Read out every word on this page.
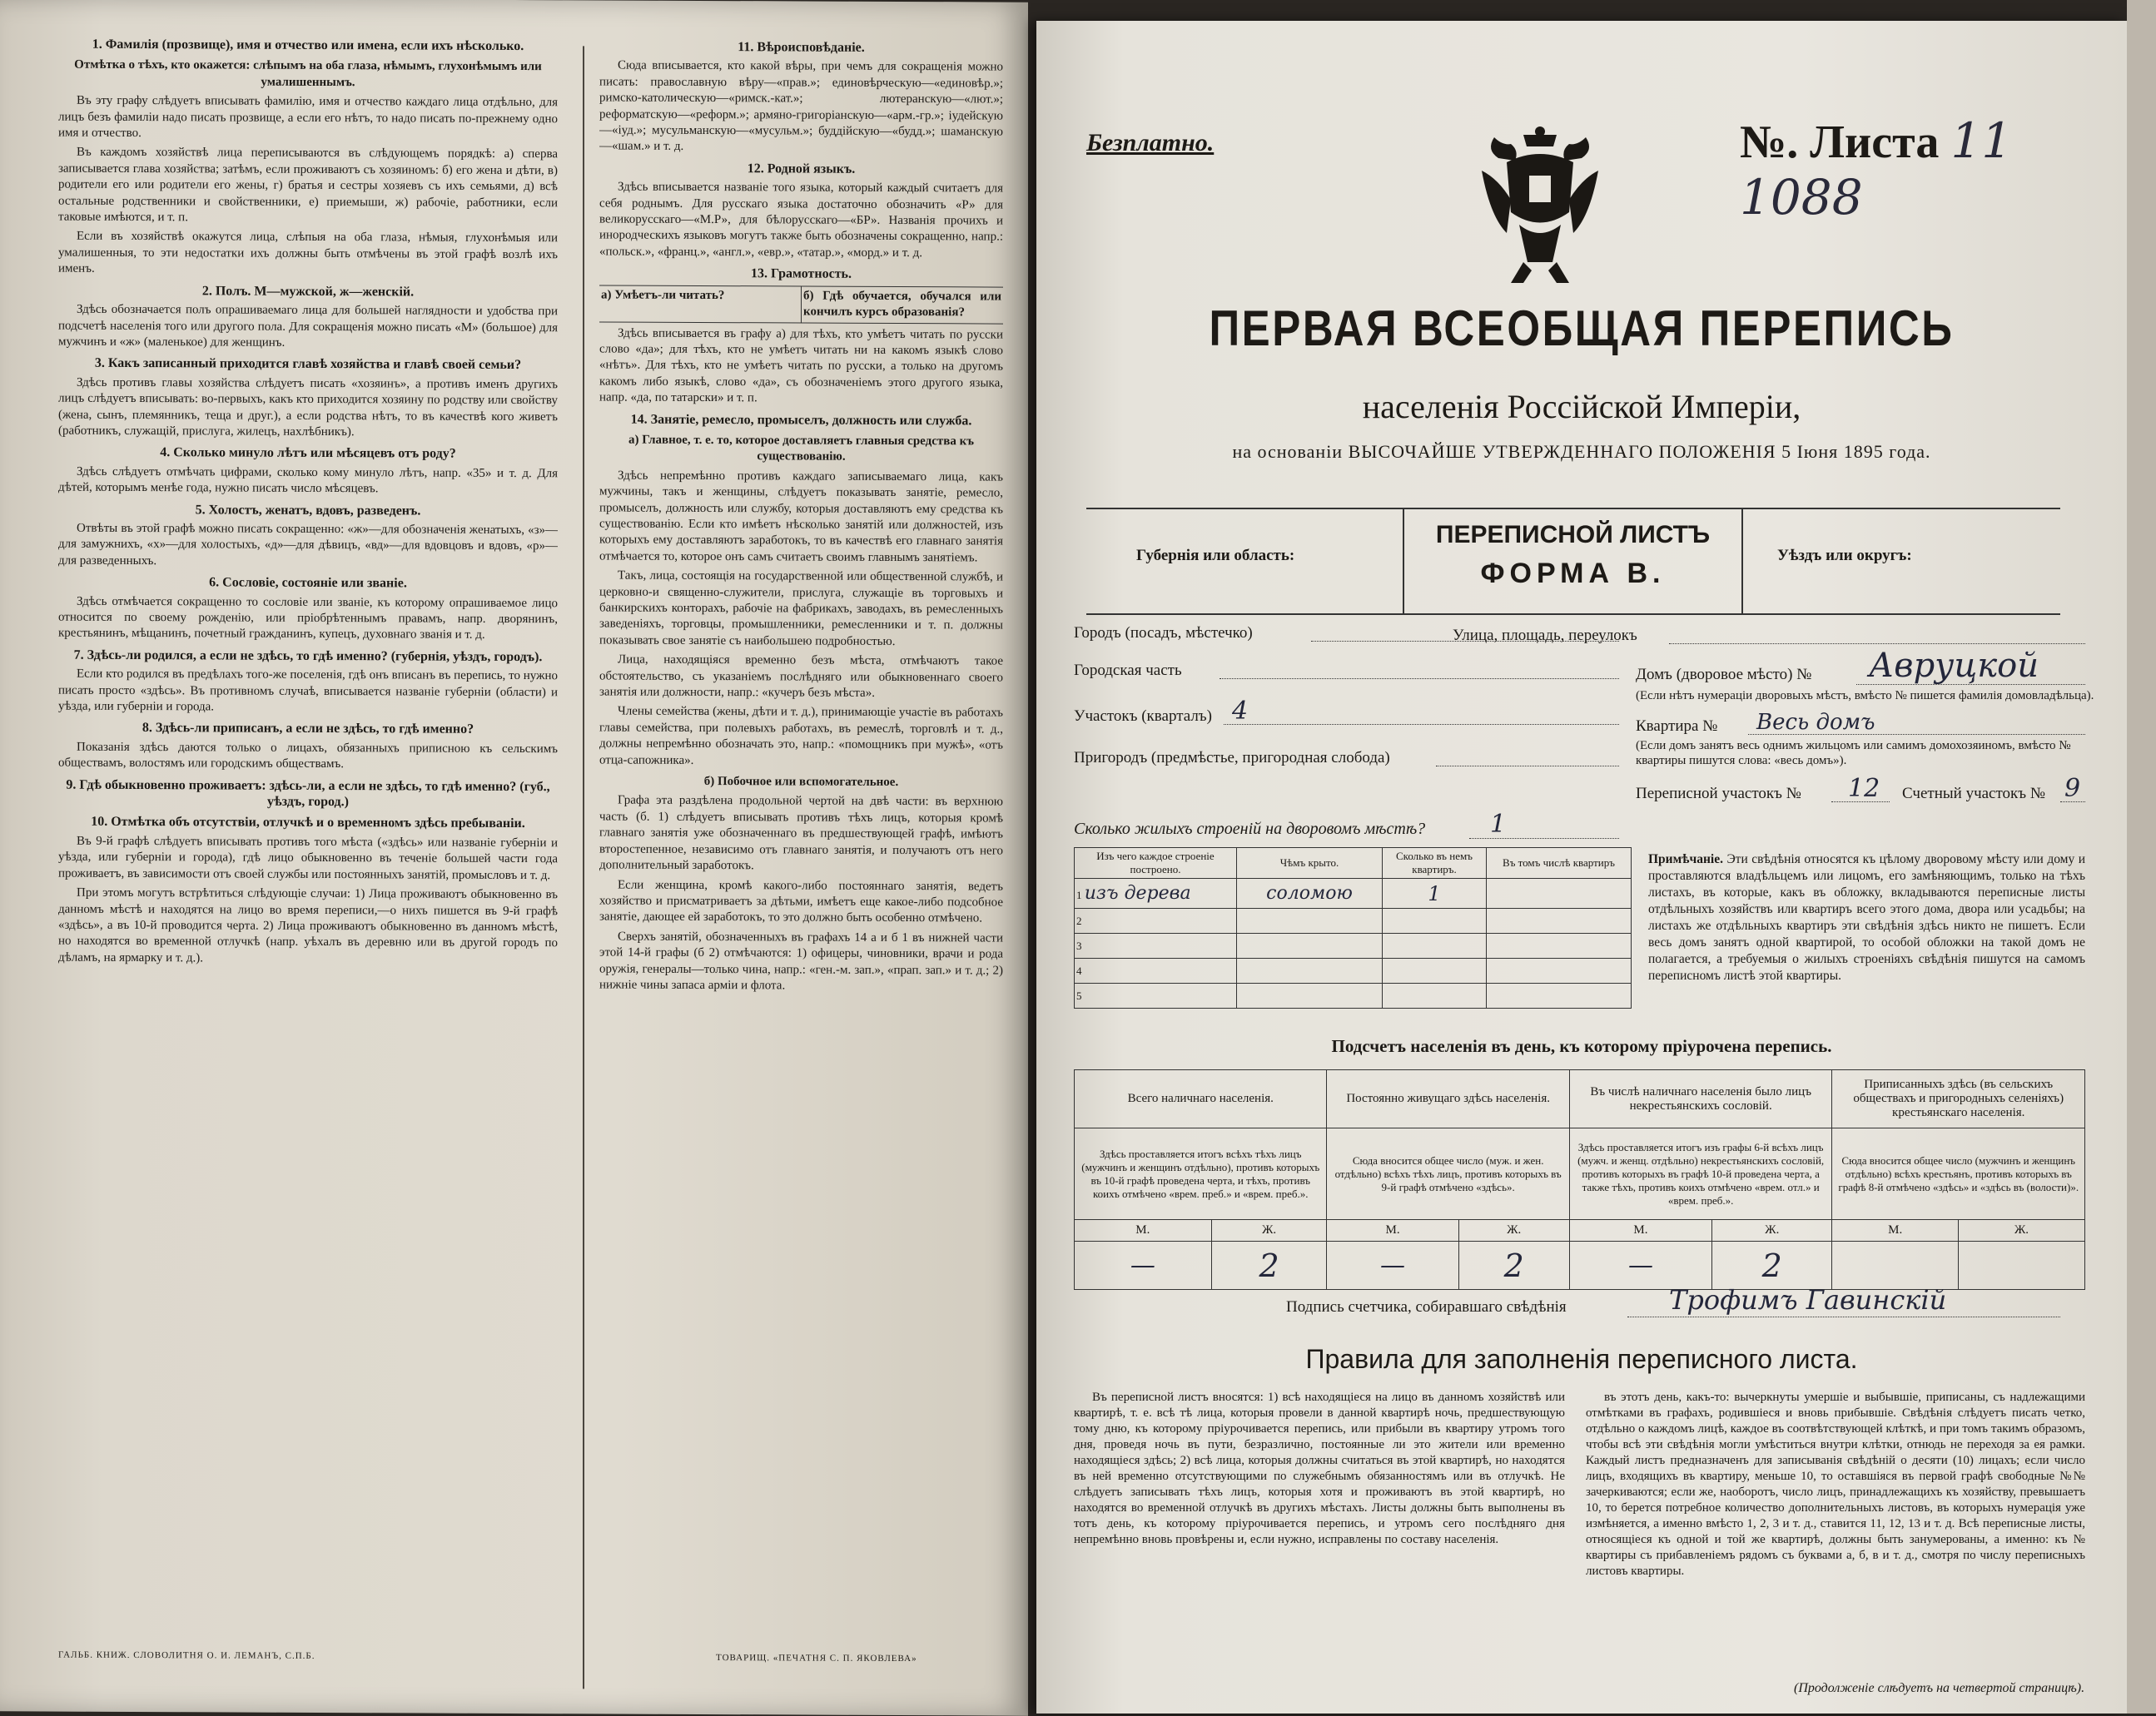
1. Фамилія (прозвище), имя и отчество или имена, если ихъ нѣсколько.
Отмѣтка о тѣхъ, кто окажется: слѣпымъ на оба глаза, нѣмымъ, глухонѣмымъ или умалишеннымъ.

Въ эту графу слѣдуетъ вписывать фамилію, имя и отчество каждаго лица отдѣльно, для лицъ безъ фамиліи надо писать прозвище, а если его нѣтъ, то надо писать по-прежнему одно имя и отчество.

Въ каждомъ хозяйствѣ лица переписываются въ слѣдующемъ порядкѣ: а) сперва записывается глава хозяйства; затѣмъ, если проживаютъ съ хозяиномъ: б) его жена и дѣти, в) родители его или родители его жены, г) братья и сестры хозяевъ съ ихъ семьями, д) всѣ остальные родственники и свойственники, е) приемыши, ж) рабочіе, работники, если таковые имѣются, и т. п.

Если въ хозяйствѣ окажутся лица, слѣпыя на оба глаза, нѣмыя, глухонѣмыя или умалишенныя, то эти недостатки ихъ должны быть отмѣчены въ этой графѣ возлѣ ихъ именъ.

2. Полъ. М—мужской, ж—женскій.

Здѣсь обозначается полъ опрашиваемаго лица для большей наглядности и удобства при подсчетѣ населенія того или другого пола. Для сокращенія можно писать «М» (большое) для мужчинъ и «ж» (маленькое) для женщинъ.

3. Какъ записанный приходится главѣ хозяйства и главѣ своей семьи?

Здѣсь противъ главы хозяйства слѣдуетъ писать «хозяинъ», а противъ именъ другихъ лицъ слѣдуетъ вписывать: во-первыхъ, какъ кто приходится хозяину по родству или свойству (жена, сынъ, племянникъ, теща и друг.), а если родства нѣтъ, то въ качествѣ кого живетъ (работникъ, служащій, прислуга, жилецъ, нахлѣбникъ).

4. Сколько минуло лѣтъ или мѣсяцевъ отъ роду?

Здѣсь слѣдуетъ отмѣчать цифрами, сколько кому минуло лѣтъ, напр. «35» и т. д. Для дѣтей, которымъ менѣе года, нужно писать число мѣсяцевъ.

5. Холостъ, женатъ, вдовъ, разведенъ.

Отвѣты въ этой графѣ можно писать сокращенно: «ж»—для обозначенія женатыхъ, «з»—для замужнихъ, «х»—для холостыхъ, «д»—для дѣвицъ, «вд»—для вдовцовъ и вдовъ, «р»—для разведенныхъ.

6. Сословіе, состояніе или званіе.

Здѣсь отмѣчается сокращенно то сословіе или званіе, къ которому опрашиваемое лицо относится по своему рожденію, или пріобрѣтеннымъ правамъ, напр. дворянинъ, крестьянинъ, мѣщанинъ, почетный гражданинъ, купецъ, духовнаго званія и т. д.

7. Здѣсь-ли родился, а если не здѣсь, то гдѣ именно? (губернія, уѣздъ, городъ).

Если кто родился въ предѣлахъ того-же поселенія, гдѣ онъ вписанъ въ перепись, то нужно писать просто «здѣсь». Въ противномъ случаѣ, вписывается названіе губерніи (области) и уѣзда, или губерніи и города.

8. Здѣсь-ли приписанъ, а если не здѣсь, то гдѣ именно?

Показанія здѣсь даются только о лицахъ, обязанныхъ приписною къ сельскимъ обществамъ, волостямъ или городскимъ обществамъ.

9. Гдѣ обыкновенно проживаетъ: здѣсь-ли, а если не здѣсь, то гдѣ именно? (губ., уѣздъ, город.)
10. Отмѣтка объ отсутствіи, отлучкѣ и о временномъ здѣсь пребываніи.

Въ 9-й графѣ слѣдуетъ вписывать противъ того мѣста («здѣсь» или названіе губерніи и уѣзда, или губерніи и города), гдѣ лицо обыкновенно въ теченіе большей части года проживаетъ, въ зависимости отъ своей службы или постоянныхъ занятій, промысловъ и т. д.

При этомъ могутъ встрѣтиться слѣдующіе случаи: 1) Лица проживаютъ обыкновенно въ данномъ мѣстѣ и находятся на лицо во время переписи,—о нихъ пишется въ 9-й графѣ «здѣсь», а въ 10-й проводится черта. 2) Лица проживаютъ обыкновенно въ данномъ мѣстѣ, но находятся во временной отлучкѣ (напр. уѣхалъ въ деревню или въ другой городъ по дѣламъ, на ярмарку и т. д.).

11. Вѣроисповѣданіе.

Сюда вписывается, кто какой вѣры, при чемъ для сокращенія можно писать: православную вѣру—«прав.»; единовѣрческую—«единовѣр.»; римско-католическую—«римск.-кат.»; лютеранскую—«лют.»; реформатскую—«реформ.»; армяно-григоріанскую—«арм.-гр.»; іудейскую—«іуд.»; мусульманскую—«мусульм.»; буддійскую—«будд.»; шаманскую—«шам.» и т. д.

12. Родной языкъ.

Здѣсь вписывается названіе того языка, который каждый считаетъ для себя роднымъ. Для русскаго языка достаточно обозначить «Р» для великорусскаго—«М.Р», для бѣлорусскаго—«БР». Названія прочихъ и инородческихъ языковъ могутъ также быть обозначены сокращенно, напр.: «польск.», «франц.», «англ.», «евр.», «татар.», «морд.» и т. д.

13. Грамотность.
а) Умѣетъ-ли читать?	б) Гдѣ обучается, обучался или кончилъ курсъ образованія?

Здѣсь вписывается въ графу а) для тѣхъ, кто умѣетъ читать по русски слово «да»; для тѣхъ, кто не умѣетъ читать ни на какомъ языкѣ слово «нѣтъ». Для тѣхъ, кто не умѣетъ читать по русски, а только на другомъ какомъ либо языкѣ, слово «да», съ обозначеніемъ этого другого языка, напр. «да, по татарски» и т. п.

14. Занятіе, ремесло, промыселъ, должность или служба.
а) Главное, т. е. то, которое доставляетъ главныя средства къ существованію.

Здѣсь непремѣнно противъ каждаго записываемаго лица, какъ мужчины, такъ и женщины, слѣдуетъ показывать занятіе, ремесло, промыселъ, должность или службу, которыя доставляютъ ему средства къ существованію. Если кто имѣетъ нѣсколько занятій или должностей, изъ которыхъ ему доставляютъ заработокъ, то въ качествѣ его главнаго занятія отмѣчается то, которое онъ самъ считаетъ своимъ главнымъ занятіемъ.

Такъ, лица, состоящія на государственной или общественной службѣ, и церковно-и священно-служители, прислуга, служащіе въ торговыхъ и банкирскихъ конторахъ, рабочіе на фабрикахъ, заводахъ, въ ремесленныхъ заведеніяхъ, торговцы, промышленники, ремесленники и т. п. должны показывать свое занятіе съ наибольшею подробностью.

Лица, находящіяся временно безъ мѣста, отмѣчаютъ такое обстоятельство, съ указаніемъ послѣдняго или обыкновеннаго своего занятія или должности, напр.: «кучеръ безъ мѣста».

Члены семейства (жены, дѣти и т. д.), принимающіе участіе въ работахъ главы семейства, при полевыхъ работахъ, въ ремеслѣ, торговлѣ и т. д., должны непремѣнно обозначать это, напр.: «помощникъ при мужѣ», «отъ отца-сапожника».

б) Побочное или вспомогательное.

Графа эта раздѣлена продольной чертой на двѣ части: въ верхнюю часть (б. 1) слѣдуетъ вписывать противъ тѣхъ лицъ, которыя кромѣ главнаго занятія уже обозначеннаго въ предшествующей графѣ, имѣютъ второстепенное, независимо отъ главнаго занятія, и получаютъ отъ него дополнительный заработокъ.

Если женщина, кромѣ какого-либо постояннаго занятія, ведетъ хозяйство и присматриваетъ за дѣтьми, имѣетъ еще какое-либо подсобное занятіе, дающее ей заработокъ, то это должно быть особенно отмѣчено.

Сверхъ занятій, обозначенныхъ въ графахъ 14 а и б 1 въ нижней части этой 14-й графы (б 2) отмѣчаются: 1) офицеры, чиновники, врачи и рода оружія, генералы—только чина, напр.: «ген.-м. зап.», «прап. зап.» и т. д.; 2) нижніе чины запаса арміи и флота.

ГАЛЬБ. КНИЖ. СЛОВОЛИТНЯ О. И. ЛЕМАНЪ, С.П.Б.	ТОВАРИЩ. «ПЕЧАТНЯ С. П. ЯКОВЛЕВА»
Безплатно.	№. Листа 11 1088
ПЕРВАЯ ВСЕОБЩАЯ ПЕРЕПИСЬ
населенія Россійской Имперіи,
на основаніи ВЫСОЧАЙШЕ УТВЕРЖДЕННАГО ПОЛОЖЕНІЯ 5 Іюня 1895 года.
Губернія или область:
ПЕРЕПИСНОЙ ЛИСТЪ
ФОРМА В.
Уѣздъ или округъ:
Городъ (посадъ, мѣстечко)
Городская часть
Участокъ (кварталъ) 4
Пригородъ (предмѣстье, пригородная слобода)
Улица, площадь, переулокъ
Домъ (дворовое мѣсто) № Авруцкой
(Если нѣтъ нумераціи дворовыхъ мѣстъ, вмѣсто № пишется фамилія домовладѣльца).
Квартира № Весь домъ
(Если домъ занятъ весь однимъ жильцомъ или самимъ домохозяиномъ, вмѣсто № квартиры пишутся слова: «весь домъ»).
Переписной участокъ № 12 Счетный участокъ № 9
Сколько жилыхъ строеній на дворовомъ мѣстѣ?	1
Изъ чего каждое строеніе построено.	Чѣмъ крыто.	Сколько въ немъ квартиръ.	Въ томъ числѣ квартиръ
1 изъ дерева	соломою	1	
2			
3			
4			
5			
Примѣчаніе. Эти свѣдѣнія относятся къ цѣлому дворовому мѣсту или дому и проставляются владѣльцемъ или лицомъ, его замѣняющимъ, только на тѣхъ листахъ, въ которые, какъ въ обложку, вкладываются переписные листы отдѣльныхъ хозяйствъ или квартиръ всего этого дома, двора или усадьбы; на листахъ же отдѣльныхъ квартиръ эти свѣдѣнія здѣсь никто не пишетъ. Если весь домъ занятъ одной квартирой, то особой обложки на такой домъ не полагается, а требуемыя о жилыхъ строеніяхъ свѣдѣнія пишутся на самомъ переписномъ листѣ этой квартиры.
Подсчетъ населенія въ день, къ которому пріурочена перепись.
Всего наличнаго населенія.		Постоянно живущаго здѣсь населенія.		Въ числѣ наличнаго населенія было лицъ некрестьянскихъ сословій.		Приписанныхъ здѣсь (въ сельскихъ обществахъ и пригородныхъ селеніяхъ) крестьянскаго населенія.	
Здѣсь проставляется итогъ всѣхъ тѣхъ лицъ (мужчинъ и женщинъ отдѣльно), противъ которыхъ въ 10-й графѣ проведена черта, и тѣхъ, противъ коихъ отмѣчено «врем. преб.» и «врем. преб.».		Сюда вносится общее число (муж. и жен. отдѣльно) всѣхъ тѣхъ лицъ, противъ которыхъ въ 9-й графѣ отмѣчено «здѣсь».		Здѣсь проставляется итогъ изъ графы 6-й всѣхъ лицъ (мужч. и женщ. отдѣльно) некрестьянскихъ сословій, противъ которыхъ въ графѣ 10-й проведена черта, а также тѣхъ, противъ коихъ отмѣчено «врем. отл.» и «врем. преб.».		Сюда вносится общее число (мужчинъ и женщинъ отдѣльно) всѣхъ крестьянъ, противъ которыхъ въ графѣ 8-й отмѣчено «здѣсь» и «здѣсь въ (волости)».	
М.	Ж.	М.	Ж.	М.	Ж.	М.	Ж.
—	2	—	2	—	2		
Подпись счетчика, собиравшаго свѣдѣнія	Трофимъ Гавинскій
Правила для заполненія переписного листа.

Въ переписной листъ вносятся: 1) всѣ находящіеся на лицо въ данномъ хозяйствѣ или квартирѣ, т. е. всѣ тѣ лица, которыя провели в данной квартирѣ ночь, предшествующую тому дню, къ которому пріурочивается перепись, или прибыли въ квартиру утромъ того дня, проведя ночь въ пути, безразлично, постоянные ли это жители или временно находящіеся здѣсь; 2) всѣ лица, которыя должны считаться въ этой квартирѣ, но находятся въ ней временно отсутствующими по служебнымъ обязанностямъ или въ отлучкѣ. Не слѣдуетъ записывать тѣхъ лицъ, которыя хотя и проживаютъ въ этой квартирѣ, но находятся во временной отлучкѣ въ другихъ мѣстахъ. Листы должны быть выполнены въ тотъ день, къ которому пріурочивается перепись, и утромъ сего послѣдняго дня непремѣнно вновь провѣрены и, если нужно, исправлены по составу населенія.

въ этотъ день, какъ-то: вычеркнуты умершіе и выбывшіе, приписаны, съ надлежащими отмѣтками въ графахъ, родившіеся и вновь прибывшіе. Свѣдѣнія слѣдуетъ писать четко, отдѣльно о каждомъ лицѣ, каждое въ соотвѣтствующей клѣткѣ, и при томъ такимъ образомъ, чтобы всѣ эти свѣдѣнія могли умѣститься внутри клѣтки, отнюдь не переходя за ея рамки. Каждый листъ предназначенъ для записыванія свѣдѣній о десяти (10) лицахъ; если число лицъ, входящихъ въ квартиру, меньше 10, то оставшіяся въ первой графѣ свободные №№ зачеркиваются; если же, наоборотъ, число лицъ, принадлежащихъ къ хозяйству, превышаетъ 10, то берется потребное количество дополнительныхъ листовъ, въ которыхъ нумерація уже измѣняется, а именно вмѣсто 1, 2, 3 и т. д., ставится 11, 12, 13 и т. д. Всѣ переписные листы, относящіеся къ одной и той же квартирѣ, должны быть занумерованы, а именно: къ № квартиры съ прибавленіемъ рядомъ съ буквами а, б, в и т. д., смотря по числу переписныхъ листовъ квартиры.

(Продолженіе слѣдуетъ на четвертой страницѣ).
